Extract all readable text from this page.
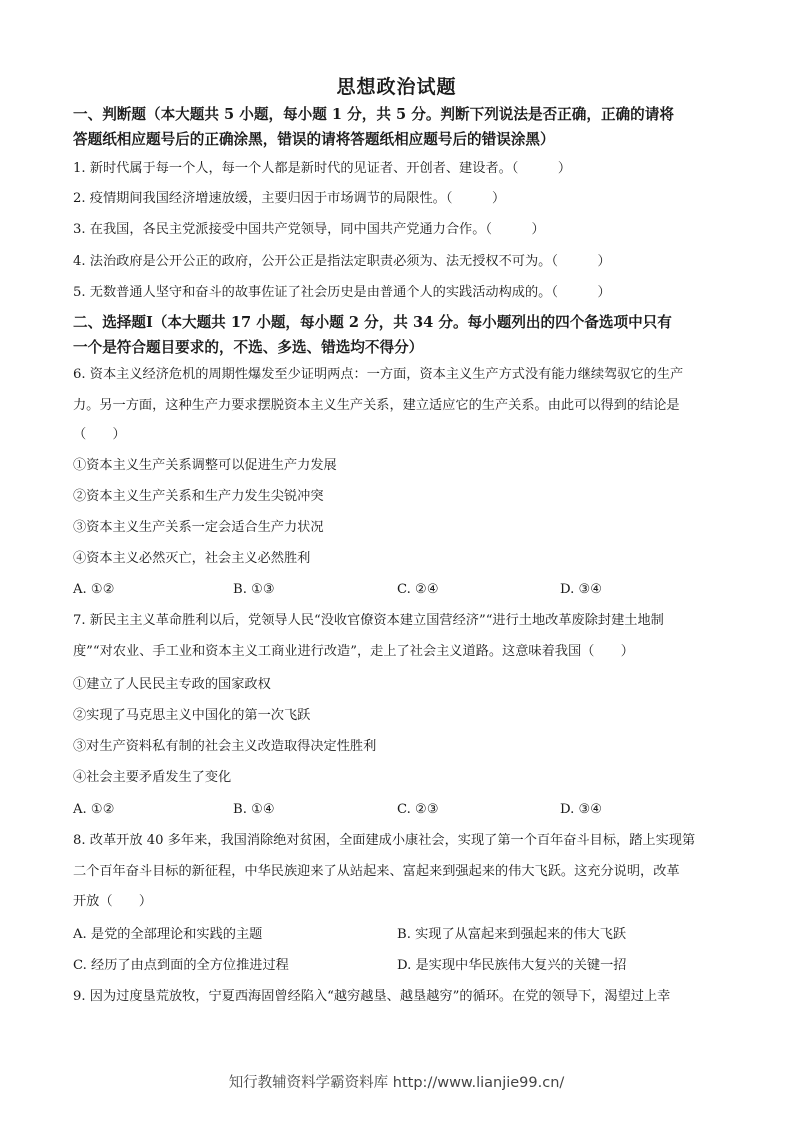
思想政治试题
一、判断题（本大题共 5 小题，每小题 1 分，共 5 分。判断下列说法是否正确，正确的请将
答题纸相应题号后的正确涂黑，错误的请将答题纸相应题号后的错误涂黑）
1. 新时代属于每一个人，每一个人都是新时代的见证者、开创者、建设者。（　　　）
2. 疫情期间我国经济增速放缓，主要归因于市场调节的局限性。（　　　）
3. 在我国，各民主党派接受中国共产党领导，同中国共产党通力合作。（　　　）
4. 法治政府是公开公正的政府，公开公正是指法定职责必须为、法无授权不可为。（　　　）
5. 无数普通人坚守和奋斗的故事佐证了社会历史是由普通个人的实践活动构成的。（　　　）
二、选择题Ⅰ（本大题共 17 小题，每小题 2 分，共 34 分。每小题列出的四个备选项中只有
一个是符合题目要求的，不选、多选、错选均不得分）
6. 资本主义经济危机的周期性爆发至少证明两点：一方面，资本主义生产方式没有能力继续驾驭它的生产
力。另一方面，这种生产力要求摆脱资本主义生产关系，建立适应它的生产关系。由此可以得到的结论是
（　　）
①资本主义生产关系调整可以促进生产力发展
②资本主义生产关系和生产力发生尖锐冲突
③资本主义生产关系一定会适合生产力状况
④资本主义必然灭亡，社会主义必然胜利
A. ①②	B. ①③	C. ②④	D. ③④
7. 新民主主义革命胜利以后，党领导人民“没收官僚资本建立国营经济”“进行土地改革废除封建土地制
度”“对农业、手工业和资本主义工商业进行改造”，走上了社会主义道路。这意味着我国（　　）
①建立了人民民主专政的国家政权
②实现了马克思主义中国化的第一次飞跃
③对生产资料私有制的社会主义改造取得决定性胜利
④社会主要矛盾发生了变化
A. ①②	B. ①④	C. ②③	D. ③④
8. 改革开放 40 多年来，我国消除绝对贫困，全面建成小康社会，实现了第一个百年奋斗目标，踏上实现第
二个百年奋斗目标的新征程，中华民族迎来了从站起来、富起来到强起来的伟大飞跃。这充分说明，改革
开放（　　）
A. 是党的全部理论和实践的主题	B. 实现了从富起来到强起来的伟大飞跃
C. 经历了由点到面的全方位推进过程	D. 是实现中华民族伟大复兴的关键一招
9. 因为过度垦荒放牧，宁夏西海固曾经陷入“越穷越垦、越垦越穷”的循环。在党的领导下，渴望过上幸
知行教辅资料学霸资料库 http://www.lianjie99.cn/
